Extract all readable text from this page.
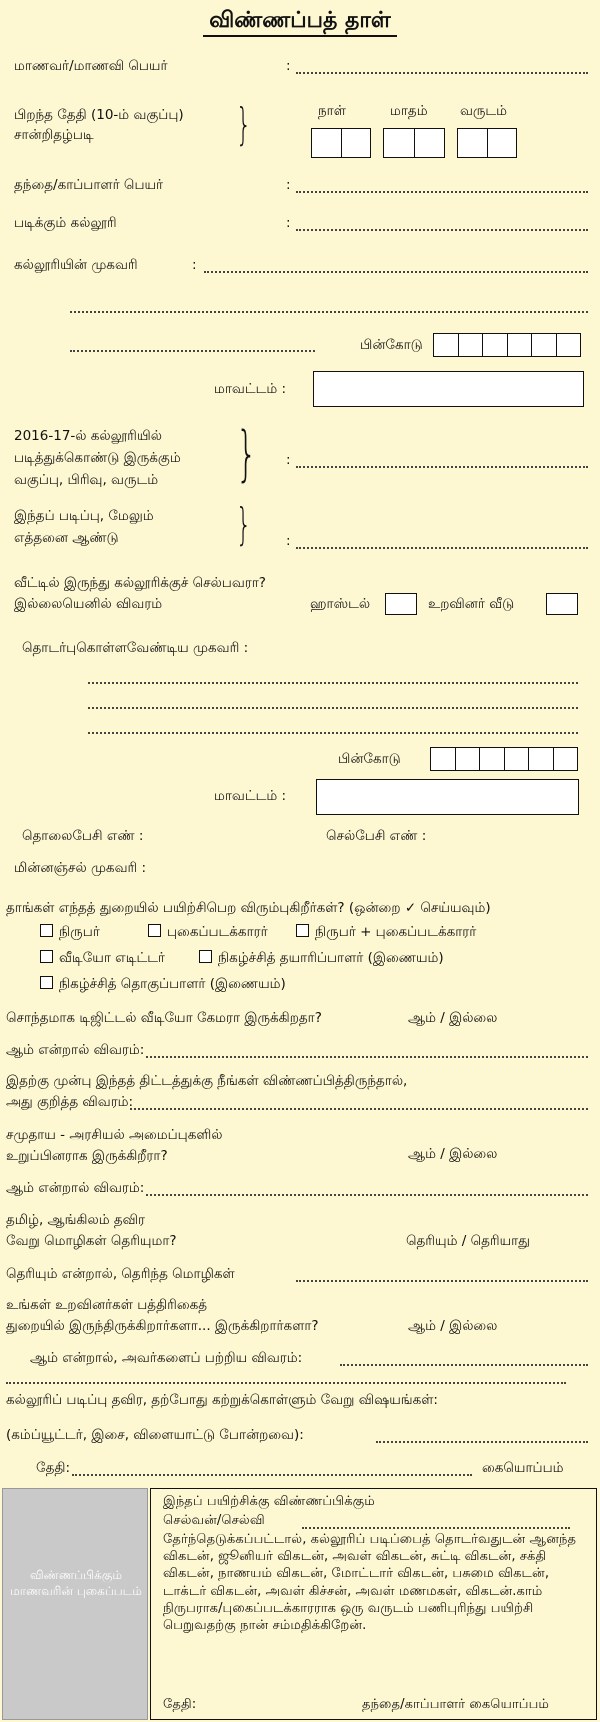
விண்ணப்பத் தாள்
மாணவர்/மாணவி பெயர்	:
பிறந்த தேதி (10-ம் வகுப்பு)
சான்றிதழ்படி	}	நாள்	மாதம் வருடம்
தந்தை/காப்பாளர் பெயர்	:
படிக்கும் கல்லூரி	:
கல்லூரியின் முகவரி	:
பின்கோடு
மாவட்டம் :
2016-17-ல் கல்லூரியில்
படித்துக்கொண்டு இருக்கும்
வகுப்பு, பிரிவு, வருடம் } :
இந்தப் படிப்பு, மேலும்
எத்தனை ஆண்டு	}	:
வீட்டில் இருந்து கல்லூரிக்குச் செல்பவரா?
இல்லையெனில் விவரம்	ஹாஸ்டல்	உறவினர் வீடு
தொடர்புகொள்ளவேண்டிய முகவரி :
பின்கோடு
மாவட்டம் :
தொலைபேசி எண் :	செல்பேசி எண் :
மின்னஞ்சல் முகவரி :
தாங்கள் எந்தத் துறையில் பயிற்சிபெற விரும்புகிறீர்கள்? (ஒன்றை ✓ செய்யவும்)
நிருபர்	புகைப்படக்காரர்	நிருபர் + புகைப்படக்காரர்
வீடியோ எடிட்டர்	நிகழ்ச்சித் தயாரிப்பாளர் (இணையம்)
நிகழ்ச்சித் தொகுப்பாளர் (இணையம்)
சொந்தமாக டிஜிட்டல் வீடியோ கேமரா இருக்கிறதா?	ஆம் / இல்லை
ஆம் என்றால் விவரம்:
இதற்கு முன்பு இந்தத் திட்டத்துக்கு நீங்கள் விண்ணப்பித்திருந்தால்,
அது குறித்த விவரம்:
சமுதாய - அரசியல் அமைப்புகளில்
உறுப்பினராக இருக்கிறீரா?	ஆம் / இல்லை
ஆம் என்றால் விவரம்:
தமிழ், ஆங்கிலம் தவிர
வேறு மொழிகள் தெரியுமா?	தெரியும் / தெரியாது
தெரியும் என்றால், தெரிந்த மொழிகள்
உங்கள் உறவினர்கள் பத்திரிகைத்
துறையில் இருந்திருக்கிறார்களா... இருக்கிறார்களா?	ஆம் / இல்லை
ஆம் என்றால், அவர்களைப் பற்றிய விவரம்:
கல்லூரிப் படிப்பு தவிர, தற்போது கற்றுக்கொள்ளும் வேறு விஷயங்கள்:
(கம்ப்யூட்டர், இசை, விளையாட்டு போன்றவை):
தேதி:	கையொப்பம்
விண்ணப்பிக்கும் மாணவரின் புகைப்படம்
இந்தப் பயிற்சிக்கு விண்ணப்பிக்கும்
செல்வன்/செல்வி
தேர்ந்தெடுக்கப்பட்டால், கல்லூரிப் படிப்பைத் தொடர்வதுடன் ஆனந்த விகடன், ஜூனியர் விகடன், அவள் விகடன், சுட்டி விகடன், சக்தி விகடன், நாணயம் விகடன், மோட்டார் விகடன், பசுமை விகடன், டாக்டர் விகடன், அவள் கிச்சன், அவள் மணமகள், விகடன்.காம் நிருபராக/புகைப்படக்காரராக ஒரு வருடம் பணிபுரிந்து பயிற்சி பெறுவதற்கு நான் சம்மதிக்கிறேன்.
தேதி:	தந்தை/காப்பாளர் கையொப்பம்
